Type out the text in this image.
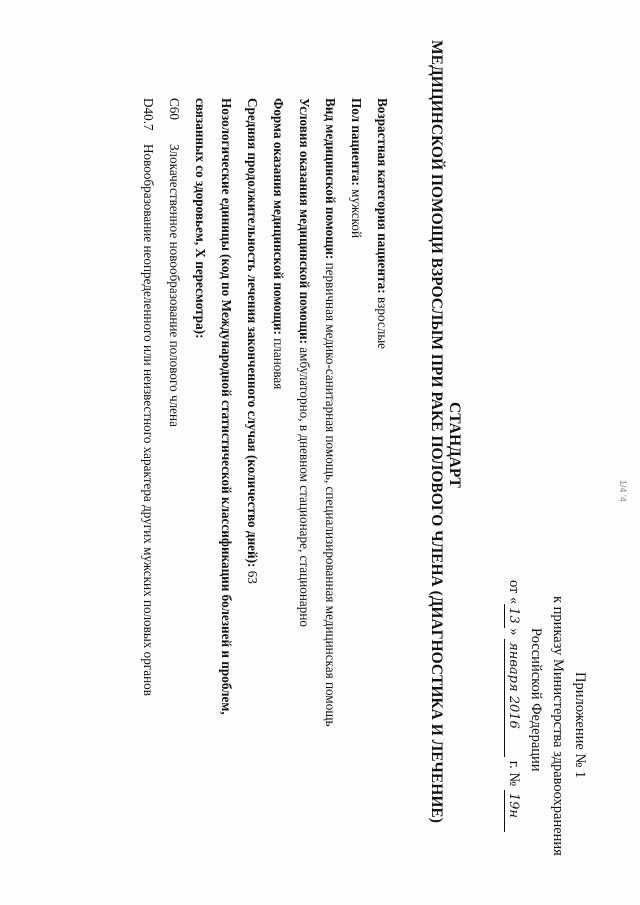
1/4 '4
Приложение № 1
к приказу Министерства здравоохранения
Российской Федерации
от «13» января 2016 г. № 19н
СТАНДАРТ
МЕДИЦИНСКОЙ ПОМОЩИ ВЗРОСЛЫМ ПРИ РАКЕ ПОЛОВОГО ЧЛЕНА (ДИАГНОСТИКА И ЛЕЧЕНИЕ)
Возрастная категория пациента: взрослые
Пол пациента: мужской
Вид медицинской помощи: первичная медико-санитарная помощь, специализированная медицинская помощь
Условия оказания медицинской помощи: амбулаторно, в дневном стационаре, стационарно
Форма оказания медицинской помощи: плановая
Средняя продолжительность лечения законченного случая (количество дней): 63
Нозологические единицы (код по Международной статистической классификации болезней и проблем,
связанных со здоровьем, X пересмотра):
C60Злокачественное новообразование полового члена
D40.7Новообразование неопределенного или неизвестного характера других мужских половых органов
